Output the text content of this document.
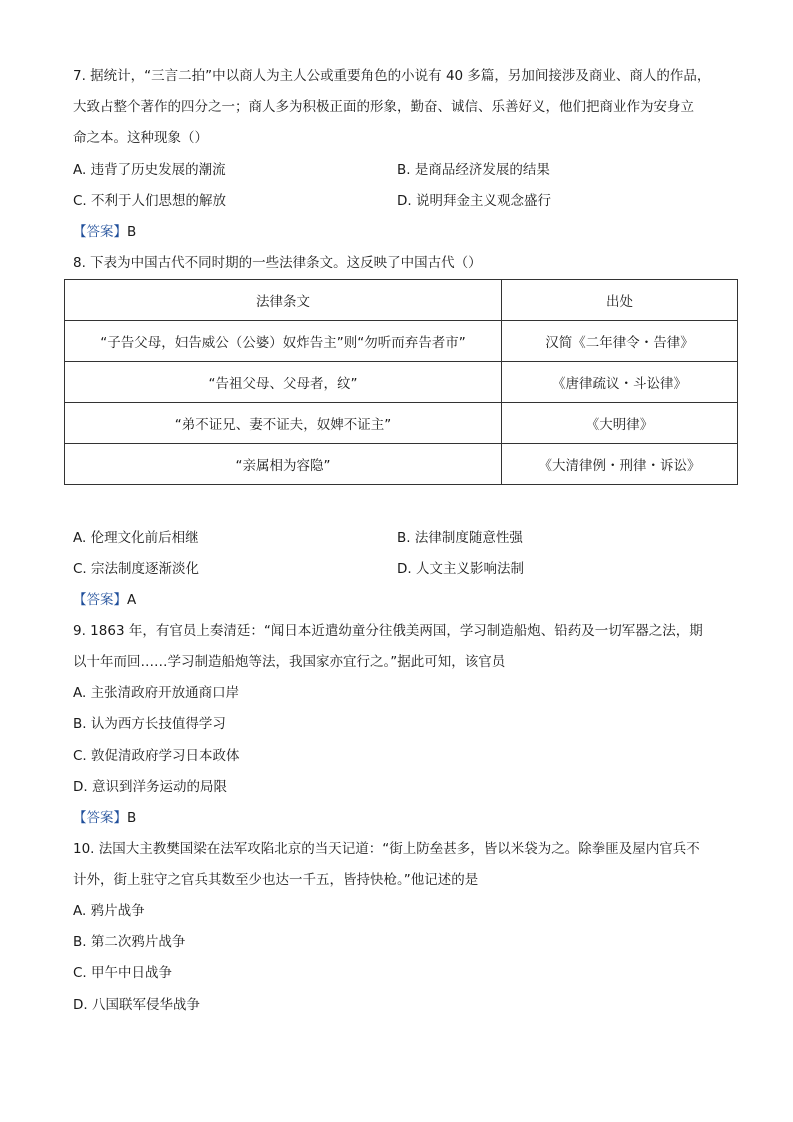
7. 据统计，“三言二拍”中以商人为主人公或重要角色的小说有 40 多篇，另加间接涉及商业、商人的作品，
大致占整个著作的四分之一；商人多为积极正面的形象，勤奋、诚信、乐善好义，他们把商业作为安身立
命之本。这种现象（）
A. 违背了历史发展的潮流	B. 是商品经济发展的结果
C. 不利于人们思想的解放	D. 说明拜金主义观念盛行
【答案】B
8. 下表为中国古代不同时期的一些法律条文。这反映了中国古代（）
法律条文	出处
“子告父母，妇告威公（公婆）奴炸告主”则“勿听而弃告者市”	汉简《二年律令・告律》
“告祖父母、父母者，纹”	《唐律疏议・斗讼律》
“弟不证兄、妻不证夫，奴婢不证主”	《大明律》
“亲属相为容隐”	《大清律例・刑律・诉讼》
A. 伦理文化前后相继	B. 法律制度随意性强
C. 宗法制度逐渐淡化	D. 人文主义影响法制
【答案】A
9. 1863 年，有官员上奏清廷：“闻日本近遣幼童分往俄美两国，学习制造船炮、铅药及一切军器之法，期
以十年而回……学习制造船炮等法，我国家亦宜行之。”据此可知，该官员
A. 主张清政府开放通商口岸
B. 认为西方长技值得学习
C. 敦促清政府学习日本政体
D. 意识到洋务运动的局限
【答案】B
10. 法国大主教樊国梁在法军攻陷北京的当天记道：“街上防垒甚多，皆以米袋为之。除拳匪及屋内官兵不
计外，街上驻守之官兵其数至少也达一千五，皆持快枪。”他记述的是
A. 鸦片战争
B. 第二次鸦片战争
C. 甲午中日战争
D. 八国联军侵华战争
